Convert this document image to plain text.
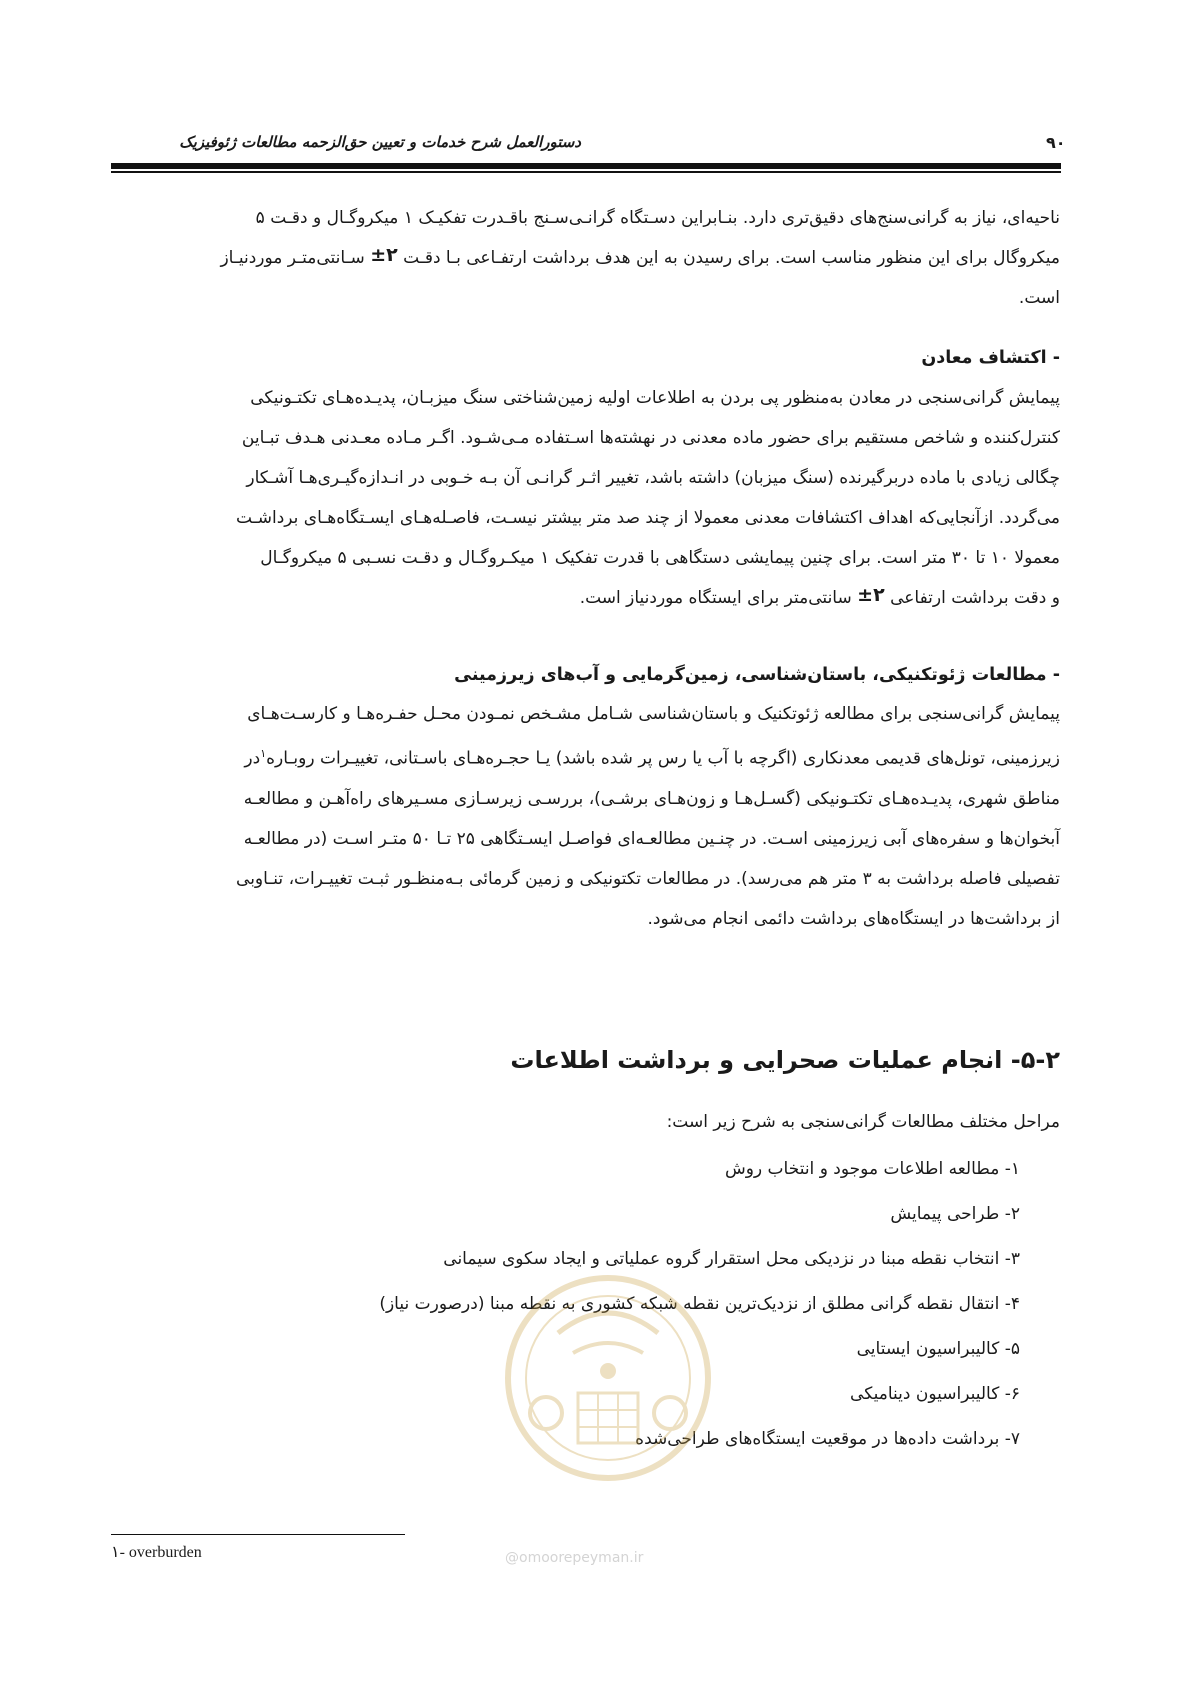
دستورالعمل شرح خدمات و تعیین حق‌الزحمه مطالعات ژئوفیزیک	۹۰
ناحیه‌ای، نیاز به گرانی‌سنج‌های دقیق‌تری دارد. بنـابراین دسـتگاه گرانـی‌سـنج باقـدرت تفکیـک ۱ میکروگـال و دقـت ۵
میکروگال برای این منظور مناسب است. برای رسیدن به این هدف برداشت ارتفـاعی بـا دقـت ±۲ سـانتی‌متـر موردنیـاز
است.
- اکتشاف معادن
پیمایش گرانی‌سنجی در معادن به‌منظور پی بردن به اطلاعات اولیه زمین‌شناختی سنگ میزبـان، پدیـده‌هـای تکتـونیکی
کنترل‌کننده و شاخص مستقیم برای حضور ماده معدنی در نهشته‌ها اسـتفاده مـی‌شـود. اگـر مـاده معـدنی هـدف تبـاین
چگالی زیادی با ماده دربرگیرنده (سنگ میزبان) داشته باشد، تغییر اثـر گرانـی آن بـه خـوبی در انـدازه‌گیـری‌هـا آشـکار
می‌گردد. ازآنجایی‌که اهداف اکتشافات معدنی معمولا از چند صد متر بیشتر نیسـت، فاصـله‌هـای ایسـتگاه‌هـای برداشـت
معمولا ۱۰ تا ۳۰ متر است. برای چنین پیمایشی دستگاهی با قدرت تفکیک ۱ میکـروگـال و دقـت نسـبی ۵ میکروگـال
و دقت برداشت ارتفاعی ±۲ سانتی‌متر برای ایستگاه موردنیاز است.
- مطالعات ژئوتکنیکی، باستان‌شناسی، زمین‌گرمایی و آب‌های زیرزمینی
پیمایش گرانی‌سنجی برای مطالعه ژئوتکنیک و باستان‌شناسی شـامل مشـخص نمـودن محـل حفـره‌هـا و کارسـت‌هـای
زیرزمینی، تونل‌های قدیمی معدنکاری (اگرچه با آب یا رس پر شده باشد) یـا حجـره‌هـای باسـتانی، تغییـرات روبـاره$^۱$در
مناطق شهری، پدیـده‌هـای تکتـونیکی (گسـل‌هـا و زون‌هـای برشـی)، بررسـی زیرسـازی مسـیرهای راه‌آهـن و مطالعـه
آبخوان‌ها و سفره‌های آبی زیرزمینی اسـت. در چنـین مطالعـه‌ای فواصـل ایسـتگاهی ۲۵ تـا ۵۰ متـر اسـت (در مطالعـه
تفصیلی فاصله برداشت به ۳ متر هم می‌رسد). در مطالعات تکتونیکی و زمین گرمائی بـه‌منظـور ثبـت تغییـرات، تنـاوبی
از برداشت‌ها در ایستگاه‌های برداشت دائمی انجام می‌شود.
۵-۲- انجام عملیات صحرایی و برداشت اطلاعات
مراحل مختلف مطالعات گرانی‌سنجی به شرح زیر است:
۱- مطالعه اطلاعات موجود و انتخاب روش
۲- طراحی پیمایش
۳- انتخاب نقطه مبنا در نزدیکی محل استقرار گروه عملیاتی و ایجاد سکوی سیمانی
۴- انتقال نقطه گرانی مطلق از نزدیک‌ترین نقطه شبکه کشوری به نقطه مبنا (درصورت نیاز)
۵- کالیبراسیون ایستایی
۶- کالیبراسیون دینامیکی
۷- برداشت داده‌ها در موقعیت ایستگاه‌های طراحی‌شده
۱- overburden	@omoorepeyman.ir
